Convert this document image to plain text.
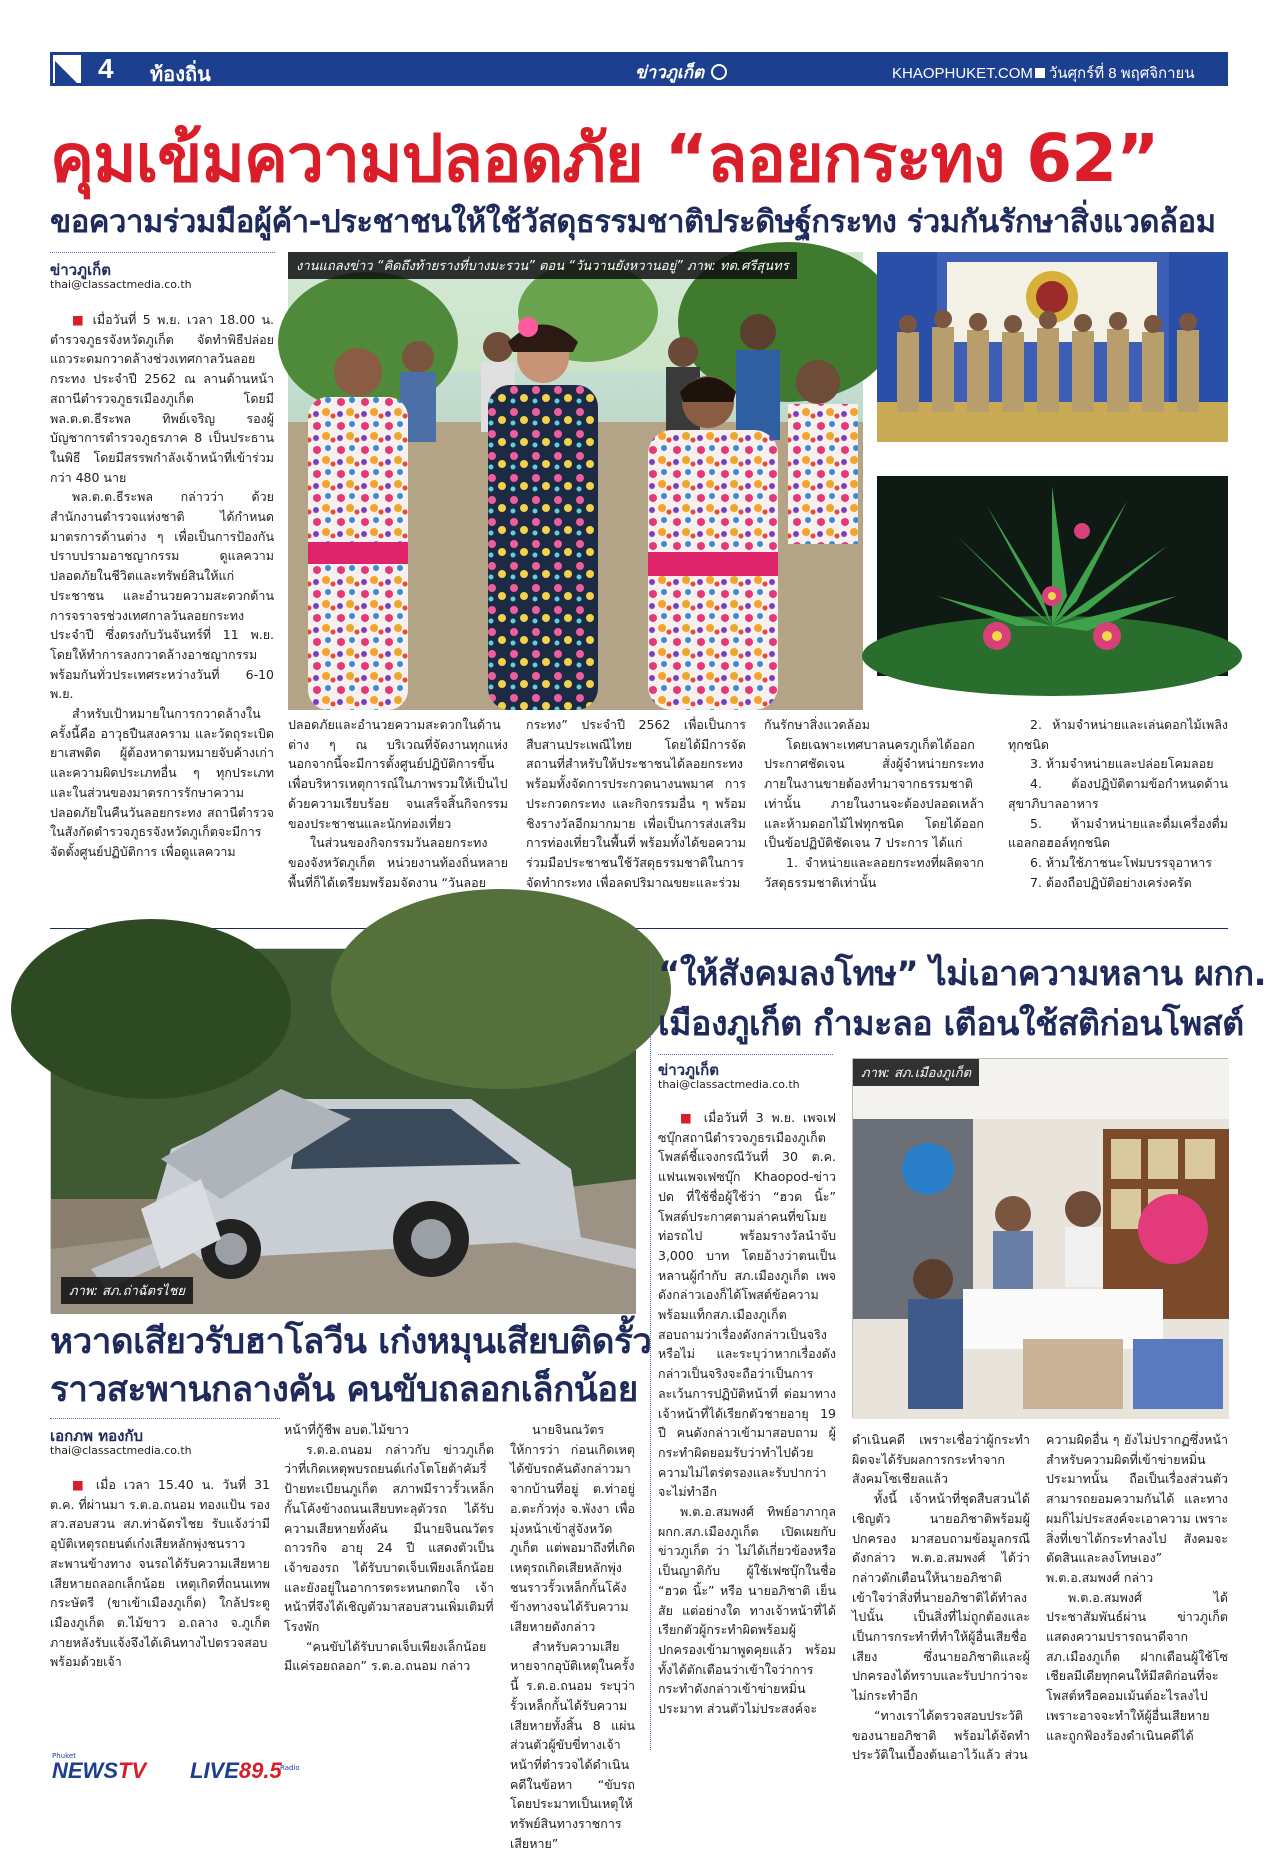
4 ท้องถิ่น	ข่าวภูเก็ต	KHAOPHUKET.COM วันศุกร์ที่ 8 พฤศจิกายน 2562
คุมเข้มความปลอดภัย “ลอยกระทง 62”
ขอความร่วมมือผู้ค้า-ประชาชนให้ใช้วัสดุธรรมชาติประดิษฐ์กระทง ร่วมกันรักษาสิ่งแวดล้อม
ข่าวภูเก็ต
thai@classactmedia.co.th

■ เมื่อวันที่ 5 พ.ย. เวลา 18.00 น. ตำรวจภูธรจังหวัดภูเก็ต จัดทำพิธีปล่อยแถวระดมกวาดล้างช่วงเทศกาลวันลอยกระทง ประจำปี 2562 ณ ลานด้านหน้าสถานีตำรวจภูธรเมืองภูเก็ต โดยมี พล.ต.ต.ธีระพล ทิพย์เจริญ รองผู้บัญชาการตำรวจภูธรภาค 8 เป็นประธานในพิธี โดยมีสรรพกำลังเจ้าหน้าที่เข้าร่วมกว่า 480 นาย

พล.ต.ต.ธีระพล กล่าวว่า ด้วยสำนักงานตำรวจแห่งชาติ ได้กำหนดมาตรการด้านต่าง ๆ เพื่อเป็นการป้องกันปราบปรามอาชญากรรม ดูแลความปลอดภัยในชีวิตและทรัพย์สินให้แก่ประชาชน และอำนวยความสะดวกด้านการจราจรช่วงเทศกาลวันลอยกระทงประจำปี ซึ่งตรงกับวันจันทร์ที่ 11 พ.ย. โดยให้ทำการลงกวาดล้างอาชญากรรมพร้อมกันทั่วประเทศระหว่างวันที่ 6-10 พ.ย.

สำหรับเป้าหมายในการกวาดล้างในครั้งนี้คือ อาวุธปืนสงคราม และวัตถุระเบิด ยาเสพติด ผู้ต้องหาตามหมายจับค้างเก่า และความผิดประเภทอื่น ๆ ทุกประเภท และในส่วนของมาตรการรักษาความปลอดภัยในคืนวันลอยกระทง สถานีตำรวจในสังกัดตำรวจภูธรจังหวัดภูเก็ตจะมีการจัดตั้งศูนย์ปฏิบัติการ เพื่อดูแลความ

งานแถลงข่าว “คิดถึงท้ายรางที่บางมะรวน” ตอน “วันวานยังหวานอยู่” ภาพ: ทต.ศรีสุนทร

ปลอดภัยและอำนวยความสะดวกในด้านต่าง ๆ ณ บริเวณที่จัดงานทุกแห่ง นอกจากนี้จะมีการตั้งศูนย์ปฏิบัติการขึ้น เพื่อบริหารเหตุการณ์ในภาพรวมให้เป็นไปด้วยความเรียบร้อย จนเสร็จสิ้นกิจกรรมของประชาชนและนักท่องเที่ยว

ในส่วนของกิจกรรมวันลอยกระทงของจังหวัดภูเก็ต หน่วยงานท้องถิ่นหลายพื้นที่ก็ได้เตรียมพร้อมจัดงาน “วันลอย

กระทง” ประจำปี 2562 เพื่อเป็นการสืบสานประเพณีไทย โดยได้มีการจัดสถานที่สำหรับให้ประชาชนได้ลอยกระทง พร้อมทั้งจัดการประกวดนางนพมาศ การประกวดกระทง และกิจกรรมอื่น ๆ พร้อมชิงรางวัลอีกมากมาย เพื่อเป็นการส่งเสริมการท่องเที่ยวในพื้นที่ พร้อมทั้งได้ขอความร่วมมือประชาชนใช้วัสดุธรรมชาติในการจัดทำกระทง เพื่อลดปริมาณขยะและร่วม

กันรักษาสิ่งแวดล้อม

โดยเฉพาะเทศบาลนครภูเก็ตได้ออกประกาศชัดเจน สั่งผู้จำหน่ายกระทงภายในงานขายต้องทำมาจากธรรมชาติเท่านั้น ภายในงานจะต้องปลอดเหล้า และห้ามดอกไม้ไฟทุกชนิด โดยได้ออกเป็นข้อปฏิบัติชัดเจน 7 ประการ ได้แก่

1. จำหน่ายและลอยกระทงที่ผลิตจากวัสดุธรรมชาติเท่านั้น

2. ห้ามจำหน่ายและเล่นดอกไม้เพลิงทุกชนิด

3. ห้ามจำหน่ายและปล่อยโคมลอย

4. ต้องปฏิบัติตามข้อกำหนดด้านสุขาภิบาลอาหาร

5. ห้ามจำหน่ายและดื่มเครื่องดื่มแอลกอฮอล์ทุกชนิด

6. ห้ามใช้ภาชนะโฟมบรรจุอาหาร

7. ต้องถือปฏิบัติอย่างเคร่งครัด

ภาพ: สภ.ถ่าฉัตรไชย
หวาดเสียวรับฮาโลวีน เก๋งหมุนเสียบติดรั้ว
ราวสะพานกลางคัน คนขับถลอกเล็กน้อย
เอกภพ ทองกับ
thai@classactmedia.co.th

■ เมื่อ เวลา 15.40 น. วันที่ 31 ต.ค. ที่ผ่านมา ร.ต.อ.ถนอม ทองแป้น รอง สว.สอบสวน สภ.ท่าฉัตรไชย รับแจ้งว่ามีอุบัติเหตุรถยนต์เก๋งเสียหลักพุ่งชนราวสะพานข้างทาง จนรถได้รับความเสียหาย เสียหายถลอกเล็กน้อย เหตุเกิดที่ถนนเทพกระษัตรี (ขาเข้าเมืองภูเก็ต) ใกล้ประตูเมืองภูเก็ต ต.ไม้ขาว อ.ถลาง จ.ภูเก็ต ภายหลังรับแจ้งจึงได้เดินทางไปตรวจสอบ พร้อมด้วยเจ้า

หน้าที่กู้ชีพ อบต.ไม้ขาว

ร.ต.อ.ถนอม กล่าวกับ ข่าวภูเก็ต ว่าที่เกิดเหตุพบรถยนต์เก๋งโตโยต้าคัมรี่ ป้ายทะเบียนภูเก็ต สภาพมีราวรั้วเหล็กกั้นโค้งข้างถนนเสียบทะลุตัวรถ ได้รับความเสียหายทั้งคัน มีนายจินณวัตร ถาวรกิจ อายุ 24 ปี แสดงตัวเป็นเจ้าของรถ ได้รับบาดเจ็บเพียงเล็กน้อย และยังอยู่ในอาการตระหนกตกใจ เจ้าหน้าที่จึงได้เชิญตัวมาสอบสวนเพิ่มเติมที่โรงพัก

“คนขับได้รับบาดเจ็บเพียงเล็กน้อย มีแค่รอยถลอก” ร.ต.อ.ถนอม กล่าว

นายจินณวัตรให้การว่า ก่อนเกิดเหตุได้ขับรถคันดังกล่าวมาจากบ้านที่อยู่ ต.ท่าอยู่ อ.ตะกั่วทุ่ง จ.พังงา เพื่อมุ่งหน้าเข้าสู่จังหวัดภูเก็ต แต่พอมาถึงที่เกิดเหตุรถเกิดเสียหลักพุ่งชนราวรั้วเหล็กกั้นโค้งข้างทางจนได้รับความเสียหายดังกล่าว

สำหรับความเสียหายจากอุบัติเหตุในครั้งนี้ ร.ต.อ.ถนอม ระบุว่า รั้วเหล็กกั้นได้รับความเสียหายทั้งสิ้น 8 แผ่น ส่วนตัวผู้ขับขี่ทางเจ้าหน้าที่ตำรวจได้ดำเนินคดีในข้อหา “ขับรถโดยประมาทเป็นเหตุให้ทรัพย์สินทางราชการเสียหาย”

“ให้สังคมลงโทษ” ไม่เอาความหลาน ผกก.
เมืองภูเก็ต กำมะลอ เตือนใช้สติก่อนโพสต์
ข่าวภูเก็ต
thai@classactmedia.co.th

■ เมื่อวันที่ 3 พ.ย. เพจเฟซบุ๊กสถานีตำรวจภูธรเมืองภูเก็ต โพสต์ชี้แจงกรณีวันที่ 30 ต.ค. แฟนเพจเฟซบุ๊ก Khaopod-ข่าวปด ที่ใช้ชื่อผู้ใช้ว่า “ฮวด นิ้ะ” โพสต์ประกาศตามล่าคนที่ขโมยท่อรถไป พร้อมรางวัลนำจับ 3,000 บาท โดยอ้างว่าตนเป็นหลานผู้กำกับ สภ.เมืองภูเก็ต เพจดังกล่าวเองก็ได้โพสต์ข้อความพร้อมแท็กสภ.เมืองภูเก็ต สอบถามว่าเรื่องดังกล่าวเป็นจริงหรือไม่ และระบุว่าหากเรื่องดังกล่าวเป็นจริงจะถือว่าเป็นการละเว้นการปฏิบัติหน้าที่ ต่อมาทางเจ้าหน้าที่ได้เรียกตัวชายอายุ 19 ปี คนดังกล่าวเข้ามาสอบถาม ผู้กระทำผิดยอมรับว่าทำไปด้วยความไม่ไตร่ตรองและรับปากว่าจะไม่ทำอีก

พ.ต.อ.สมพงศ์ ทิพย์อาภากุล ผกก.สภ.เมืองภูเก็ต เปิดเผยกับ ข่าวภูเก็ต ว่า ไม่ได้เกี่ยวข้องหรือเป็นญาติกับ ผู้ใช้เฟซบุ๊กในชื่อ “ฮวด นิ้ะ” หรือ นายอภิชาติ เย็นสัย แต่อย่างใด ทางเจ้าหน้าที่ได้เรียกตัวผู้กระทำผิดพร้อมผู้ปกครองเข้ามาพูดคุยแล้ว พร้อมทั้งได้ตักเตือนว่าเข้าใจว่าการกระทำดังกล่าวเข้าข่ายหมิ่นประมาท ส่วนตัวไม่ประสงค์จะ

ภาพ: สภ.เมืองภูเก็ต

ดำเนินคดี เพราะเชื่อว่าผู้กระทำผิดจะได้รับผลการกระทำจากสังคมโซเชียลแล้ว

ทั้งนี้ เจ้าหน้าที่ชุดสืบสวนได้เชิญตัว นายอภิชาติพร้อมผู้ปกครอง มาสอบถามข้อมูลกรณีดังกล่าว พ.ต.อ.สมพงศ์ ได้ว่ากล่าวตักเตือนให้นายอภิชาติเข้าใจว่าสิ่งที่นายอภิชาติได้ทำลงไปนั้น เป็นสิ่งที่ไม่ถูกต้องและเป็นการกระทำที่ทำให้ผู้อื่นเสียชื่อเสียง ซึ่งนายอภิชาติและผู้ปกครองได้ทราบและรับปากว่าจะไม่กระทำอีก

“ทางเราได้ตรวจสอบประวัติของนายอภิชาติ พร้อมได้จัดทำประวัติในเบื้องต้นเอาไว้แล้ว ส่วน

ความผิดอื่น ๆ ยังไม่ปรากฏซึ่งหน้าสำหรับความผิดที่เข้าข่ายหมิ่นประมาทนั้น ถือเป็นเรื่องส่วนตัวสามารถยอมความกันได้ และทางผมก็ไม่ประสงค์จะเอาความ เพราะสิ่งที่เขาได้กระทำลงไป สังคมจะตัดสินและลงโทษเอง” พ.ต.อ.สมพงศ์ กล่าว

พ.ต.อ.สมพงศ์ ได้ประชาสัมพันธ์ผ่าน ข่าวภูเก็ต แสดงความปรารถนาดีจาก สภ.เมืองภูเก็ต ฝากเตือนผู้ใช้โซเชียลมีเดียทุกคนให้มีสติก่อนที่จะโพสต์หรือคอมเม้นต์อะไรลงไป เพราะอาจจะทำให้ผู้อื่นเสียหาย และถูกฟ้องร้องดำเนินคดีได้

Phuket
NEWSTV LIVE89.5
Radio
